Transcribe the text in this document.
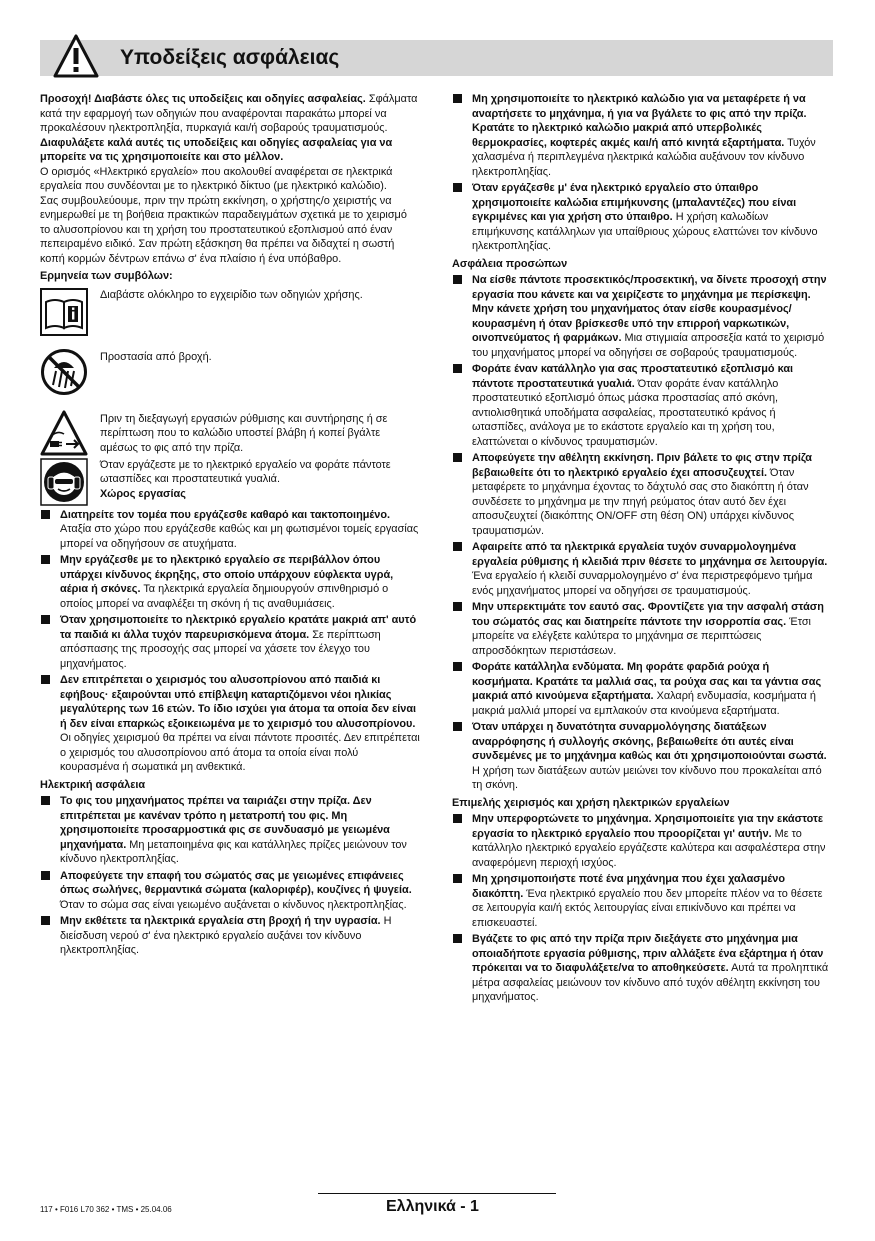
Υποδείξεις ασφάλειας

Προσοχή! Διαβάστε όλες τις υποδείξεις και οδηγίες ασφαλείας. Σφάλματα κατά την εφαρμογή των οδηγιών που αναφέρονται παρακάτω μπορεί να προκαλέσουν ηλεκτροπληξία, πυρκαγιά και/ή σοβαρούς τραυματισμούς.

Διαφυλάξετε καλά αυτές τις υποδείξεις και οδηγίες ασφαλείας για να μπορείτε να τις χρησιμοποιείτε και στο μέλλον.

Ο ορισμός «Ηλεκτρικό εργαλείο» που ακολουθεί αναφέρεται σε ηλεκτρικά εργαλεία που συνδέονται με το ηλεκτρικό δίκτυο (με ηλεκτρικό καλώδιο).

Σας συμβουλεύουμε, πριν την πρώτη εκκίνηση, ο χρήστης/ο χειριστής να ενημερωθεί με τη βοήθεια πρακτικών παραδειγμάτων σχετικά με το χειρισμό το αλυσοπρίονου και τη χρήση του προστατευτικού εξοπλισμού από έναν πεπειραμένο ειδικό. Σαν πρώτη εξάσκηση θα πρέπει να διδαχτεί η σωστή κοπή κορμών δέντρων επάνω σ' ένα πλαίσιο ή ένα υπόβαθρο.

Ερμηνεία των συμβόλων:

Διαβάστε ολόκληρο το εγχειρίδιο των οδηγιών χρήσης.
Προστασία από βροχή.
Πριν τη διεξαγωγή εργασιών ρύθμισης και συντήρησης ή σε περίπτωση που το καλώδιο υποστεί βλάβη ή κοπεί βγάλτε αμέσως το φις από την πρίζα.
Όταν εργάζεστε με το ηλεκτρικό εργαλείο να φοράτε πάντοτε ωτασπίδες και προστατευτικά γυαλιά.
Χώρος εργασίας
Διατηρείτε τον τομέα που εργάζεσθε καθαρό και τακτοποιημένο. Αταξία στο χώρο που εργάζεσθε καθώς και μη φωτισμένοι τομείς εργασίας μπορεί να οδηγήσουν σε ατυχήματα.
Μην εργάζεσθε με το ηλεκτρικό εργαλείο σε περιβάλλον όπου υπάρχει κίνδυνος έκρηξης, στο οποίο υπάρχουν εύφλεκτα υγρά, αέρια ή σκόνες. Τα ηλεκτρικά εργαλεία δημιουργούν σπινθηρισμό ο οποίος μπορεί να αναφλέξει τη σκόνη ή τις αναθυμιάσεις.
Όταν χρησιμοποιείτε το ηλεκτρικό εργαλείο κρατάτε μακριά απ' αυτό τα παιδιά κι άλλα τυχόν παρευρισκόμενα άτομα. Σε περίπτωση απόσπασης της προσοχής σας μπορεί να χάσετε τον έλεγχο του μηχανήματος.
Δεν επιτρέπεται ο χειρισμός του αλυσοπρίονου από παιδιά κι εφήβους· εξαιρούνται υπό επίβλεψη καταρτιζόμενοι νέοι ηλικίας μεγαλύτερης των 16 ετών. Το ίδιο ισχύει για άτομα τα οποία δεν είναι ή δεν είναι επαρκώς εξοικειωμένα με το χειρισμό του αλυσοπρίονου. Οι οδηγίες χειρισμού θα πρέπει να είναι πάντοτε προσιτές. Δεν επιτρέπεται ο χειρισμός του αλυσοπρίονου από άτομα τα οποία είναι πολύ κουρασμένα ή σωματικά μη ανθεκτικά.

Ηλεκτρική ασφάλεια

Το φις του μηχανήματος πρέπει να ταιριάζει στην πρίζα. Δεν επιτρέπεται με κανέναν τρόπο η μετατροπή του φις. Μη χρησιμοποιείτε προσαρμοστικά φις σε συνδυασμό με γειωμένα μηχανήματα. Μη μεταποιημένα φις και κατάλληλες πρίζες μειώνουν τον κίνδυνο ηλεκτροπληξίας.
Αποφεύγετε την επαφή του σώματός σας με γειωμένες επιφάνειες όπως σωλήνες, θερμαντικά σώματα (καλοριφέρ), κουζίνες ή ψυγεία. Όταν το σώμα σας είναι γειωμένο αυξάνεται ο κίνδυνος ηλεκτροπληξίας.
Μην εκθέτετε τα ηλεκτρικά εργαλεία στη βροχή ή την υγρασία. Η διείσδυση νερού σ' ένα ηλεκτρικό εργαλείο αυξάνει τον κίνδυνο ηλεκτροπληξίας.
Μη χρησιμοποιείτε το ηλεκτρικό καλώδιο για να μεταφέρετε ή να αναρτήσετε το μηχάνημα, ή για να βγάλετε το φις από την πρίζα. Κρατάτε το ηλεκτρικό καλώδιο μακριά από υπερβολικές θερμοκρασίες, κοφτερές ακμές και/ή από κινητά εξαρτήματα. Τυχόν χαλασμένα ή περιπλεγμένα ηλεκτρικά καλώδια αυξάνουν τον κίνδυνο ηλεκτροπληξίας.
Όταν εργάζεσθε μ' ένα ηλεκτρικό εργαλείο στο ύπαιθρο χρησιμοποιείτε καλώδια επιμήκυνσης (μπαλαντέζες) που είναι εγκριμένες και για χρήση στο ύπαιθρο. Η χρήση καλωδίων επιμήκυνσης κατάλληλων για υπαίθριους χώρους ελαττώνει τον κίνδυνο ηλεκτροπληξίας.

Ασφάλεια προσώπων

Να είσθε πάντοτε προσεκτικός/προσεκτική, να δίνετε προσοχή στην εργασία που κάνετε και να χειρίζεστε το μηχάνημα με περίσκεψη. Μην κάνετε χρήση του μηχανήματος όταν είσθε κουρασμένος/κουρασμένη ή όταν βρίσκεσθε υπό την επιρροή ναρκωτικών, οινοπνεύματος ή φαρμάκων. Μια στιγμιαία απροσεξία κατά το χειρισμό του μηχανήματος μπορεί να οδηγήσει σε σοβαρούς τραυματισμούς.
Φοράτε έναν κατάλληλο για σας προστατευτικό εξοπλισμό και πάντοτε προστατευτικά γυαλιά. Όταν φοράτε έναν κατάλληλο προστατευτικό εξοπλισμό όπως μάσκα προστασίας από σκόνη, αντιολισθητικά υποδήματα ασφαλείας, προστατευτικό κράνος ή ωτασπίδες, ανάλογα με το εκάστοτε εργαλείο και τη χρήση του, ελαττώνεται ο κίνδυνος τραυματισμών.
Αποφεύγετε την αθέλητη εκκίνηση. Πριν βάλετε το φις στην πρίζα βεβαιωθείτε ότι το ηλεκτρικό εργαλείο έχει αποσυζευχτεί. Όταν μεταφέρετε το μηχάνημα έχοντας το δάχτυλό σας στο διακόπτη ή όταν συνδέσετε το μηχάνημα με την πηγή ρεύματος όταν αυτό δεν έχει αποσυζευχτεί (διακόπτης ON/OFF στη θέση ON) υπάρχει κίνδυνος τραυματισμών.
Αφαιρείτε από τα ηλεκτρικά εργαλεία τυχόν συναρμολογημένα εργαλεία ρύθμισης ή κλειδιά πριν θέσετε το μηχάνημα σε λειτουργία. Ένα εργαλείο ή κλειδί συναρμολογημένο σ' ένα περιστρεφόμενο τμήμα ενός μηχανήματος μπορεί να οδηγήσει σε τραυματισμούς.
Μην υπερεκτιμάτε τον εαυτό σας. Φροντίζετε για την ασφαλή στάση του σώματός σας και διατηρείτε πάντοτε την ισορροπία σας. Έτσι μπορείτε να ελέγξετε καλύτερα το μηχάνημα σε περιπτώσεις απροσδόκητων περιστάσεων.
Φοράτε κατάλληλα ενδύματα. Μη φοράτε φαρδιά ρούχα ή κοσμήματα. Κρατάτε τα μαλλιά σας, τα ρούχα σας και τα γάντια σας μακριά από κινούμενα εξαρτήματα. Χαλαρή ενδυμασία, κοσμήματα ή μακριά μαλλιά μπορεί να εμπλακούν στα κινούμενα εξαρτήματα.
Όταν υπάρχει η δυνατότητα συναρμολόγησης διατάξεων αναρρόφησης ή συλλογής σκόνης, βεβαιωθείτε ότι αυτές είναι συνδεμένες με το μηχάνημα καθώς και ότι χρησιμοποιούνται σωστά. Η χρήση των διατάξεων αυτών μειώνει τον κίνδυνο που προκαλείται από τη σκόνη.

Επιμελής χειρισμός και χρήση ηλεκτρικών εργαλείων

Μην υπερφορτώνετε το μηχάνημα. Χρησιμοποιείτε για την εκάστοτε εργασία το ηλεκτρικό εργαλείο που προορίζεται γι' αυτήν. Με το κατάλληλο ηλεκτρικό εργαλείο εργάζεστε καλύτερα και ασφαλέστερα στην αναφερόμενη περιοχή ισχύος.
Μη χρησιμοποιήστε ποτέ ένα μηχάνημα που έχει χαλασμένο διακόπτη. Ένα ηλεκτρικό εργαλείο που δεν μπορείτε πλέον να το θέσετε σε λειτουργία και/ή εκτός λειτουργίας είναι επικίνδυνο και πρέπει να επισκευαστεί.
Βγάζετε το φις από την πρίζα πριν διεξάγετε στο μηχάνημα μια οποιαδήποτε εργασία ρύθμισης, πριν αλλάξετε ένα εξάρτημα ή όταν πρόκειται να το διαφυλάξετε/να το αποθηκεύσετε. Αυτά τα προληπτικά μέτρα ασφαλείας μειώνουν τον κίνδυνο από τυχόν αθέλητη εκκίνηση του μηχανήματος.
117 • F016 L70 362 • TMS • 25.04.06	Ελληνικά - 1
